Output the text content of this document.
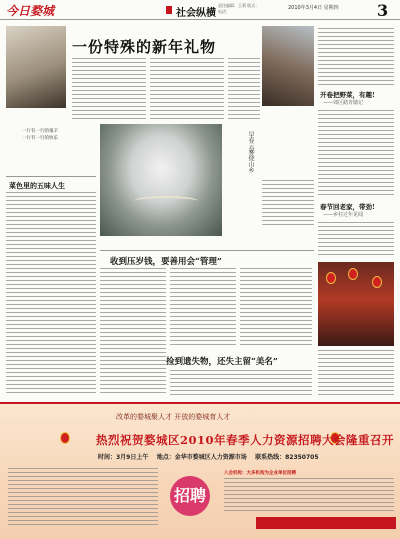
今日婺城	社会纵横
责任编辑：王莉 版式：
电话：
2010年3月4日 星期四 3
一份特殊的新年礼物
开卷把野菜，有趣!
——郊区踏青随记
春节回老家，带劲!
——乡村过年见闻
一行有一行的艰辛
一行有一行的快乐
菜色里的五味人生
早春云雾绕山乡
收到压岁钱，要善用会“管理”
捡到遗失物，还失主留“美名”
改革的婺城聚人才 开放的婺城育人才
热烈祝贺婺城区2010年春季人力资源招聘大会隆重召开
时间：3月9日上午 地点：金华市婺城区人力资源市场 联系热线：82350705
招聘
入会机构：大多机构为企业单位招聘
